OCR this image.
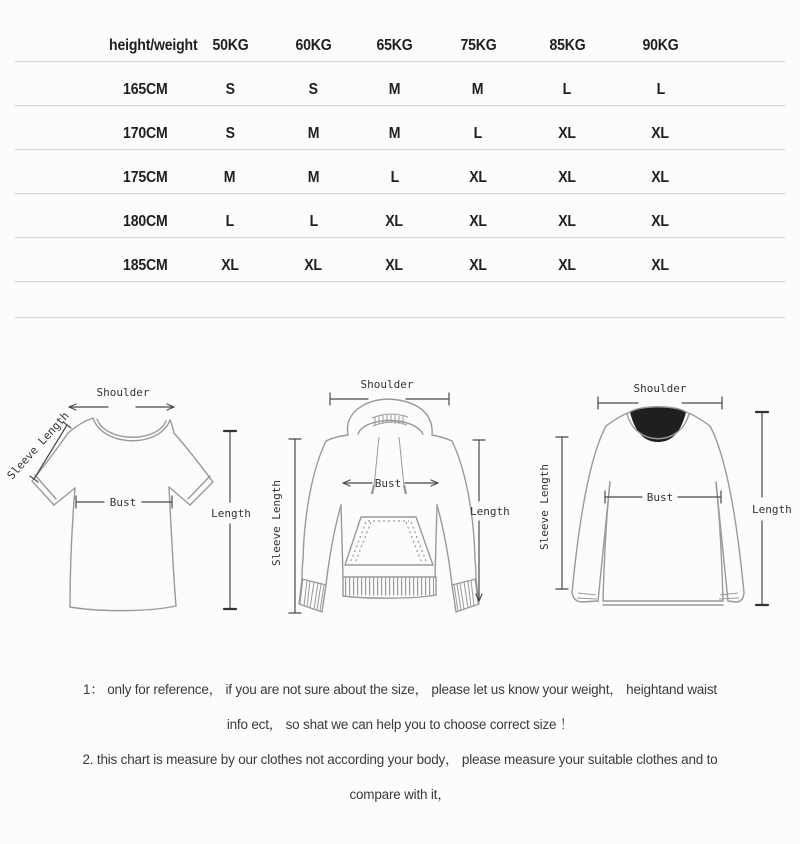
height/weight 50KG	60KG	65KG	75KG	85KG	90KG
165CM	S	S	M	M	L	L
170CM	S	M	M	L	XL	XL
175CM	M	M	L	XL	XL	XL
180CM	L	L	XL	XL	XL	XL
185CM	XL	XL	XL	XL	XL	XL
Shoulder
Sleeve Length
Bust
Length
Shoulder
Sleeve Length	Bust
Length
Shoulder
Sleeve Length	Bust
Length
1： only for reference， if you are not sure about the size， please let us know your weight， heightand waist
info ect， so shat we can help you to choose correct size ！
2. this chart is measure by our clothes not according your body， please measure your suitable clothes and to
compare with it，
